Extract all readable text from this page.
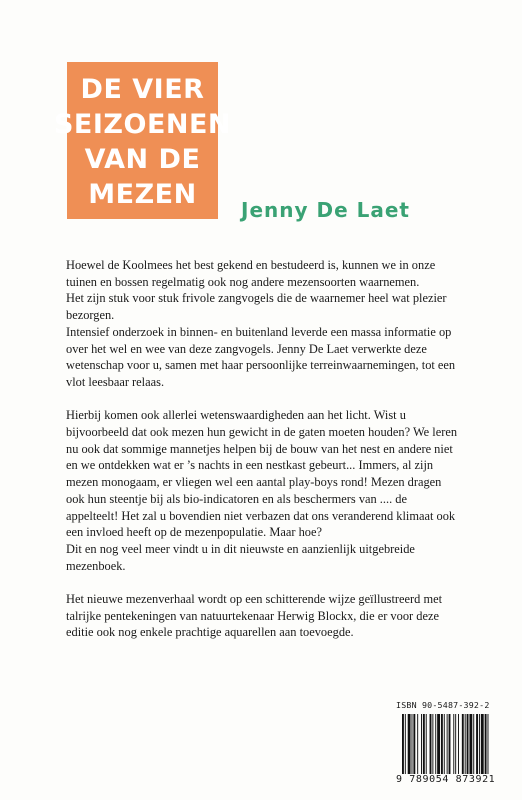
DE VIER
SEIZOENEN
VAN DE
MEZEN
Jenny De Laet

Hoewel de Koolmees het best gekend en bestudeerd is, kunnen we in onze tuinen en bossen regelmatig ook nog andere mezensoorten waarnemen.

Het zijn stuk voor stuk frivole zangvogels die de waarnemer heel wat plezier bezorgen.

Intensief onderzoek in binnen- en buitenland leverde een massa informatie op over het wel en wee van deze zangvogels. Jenny De Laet verwerkte deze wetenschap voor u, samen met haar persoonlijke terreinwaarnemingen, tot een vlot leesbaar relaas.

Hierbij komen ook allerlei wetenswaardigheden aan het licht. Wist u bijvoorbeeld dat ook mezen hun gewicht in de gaten moeten houden? We leren nu ook dat sommige mannetjes helpen bij de bouw van het nest en andere niet en we ontdekken wat er ’s nachts in een nestkast gebeurt... Immers, al zijn mezen monogaam, er vliegen wel een aantal play-boys rond! Mezen dragen ook hun steentje bij als bio-indicatoren en als beschermers van .... de appelteelt! Het zal u bovendien niet verbazen dat ons veranderend klimaat ook een invloed heeft op de mezenpopulatie. Maar hoe?

Dit en nog veel meer vindt u in dit nieuwste en aanzienlijk uitgebreide mezenboek.

Het nieuwe mezenverhaal wordt op een schitterende wijze geïllustreerd met talrijke pentekeningen van natuurtekenaar Herwig Blockx, die er voor deze editie ook nog enkele prachtige aquarellen aan toevoegde.

ISBN 90-5487-392-2
9 789054 873921
